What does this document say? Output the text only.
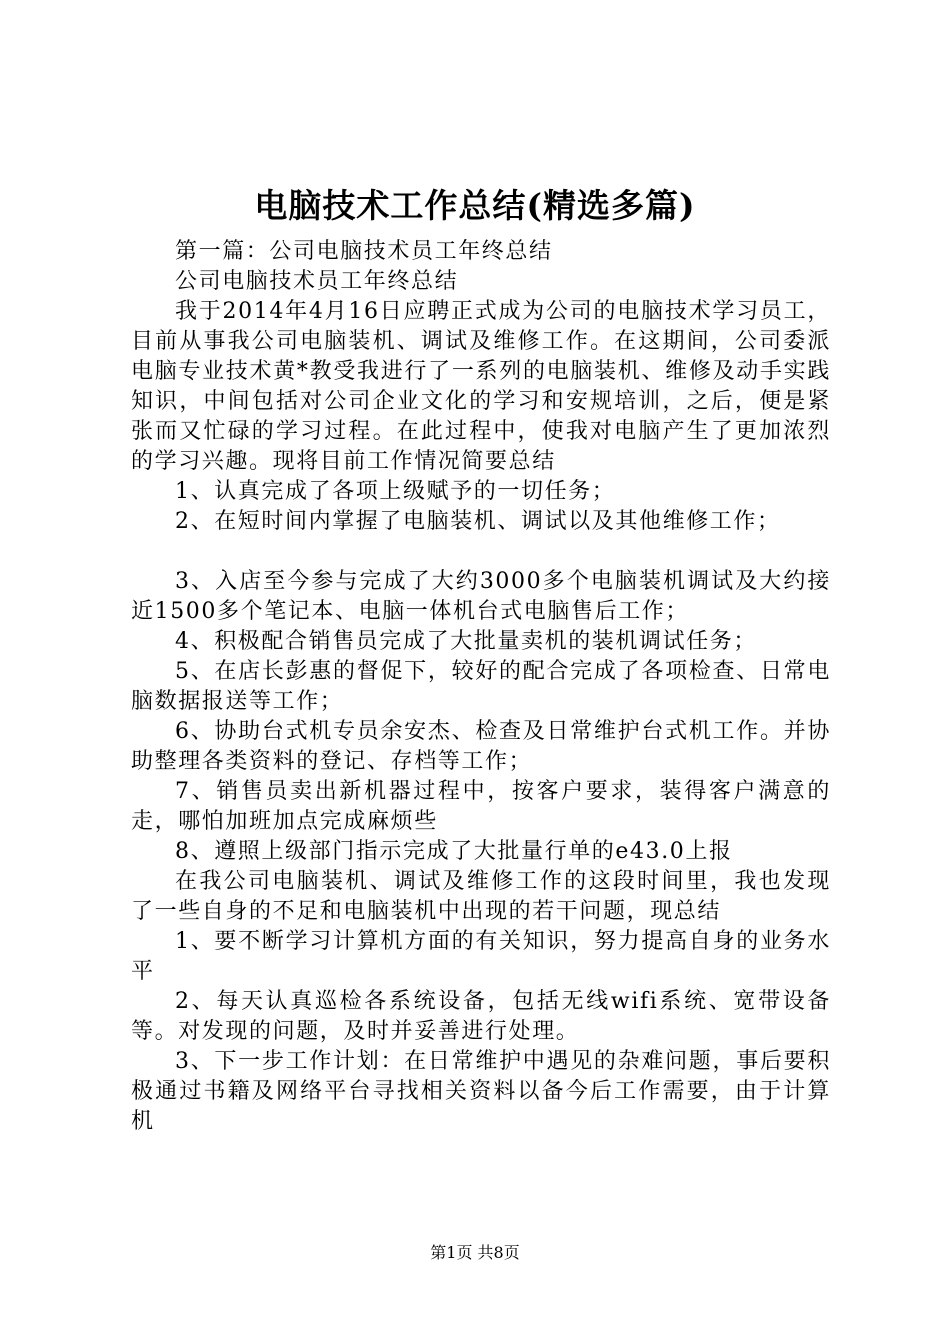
电脑技术工作总结(精选多篇)

第一篇：公司电脑技术员工年终总结

公司电脑技术员工年终总结

我于2014年4月16日应聘正式成为公司的电脑技术学习员工，目前从事我公司电脑装机、调试及维修工作。在这期间，公司委派电脑专业技术黄*教受我进行了一系列的电脑装机、维修及动手实践知识，中间包括对公司企业文化的学习和安规培训，之后，便是紧张而又忙碌的学习过程。在此过程中，使我对电脑产生了更加浓烈的学习兴趣。现将目前工作情况简要总结

1、认真完成了各项上级赋予的一切任务；

2、在短时间内掌握了电脑装机、调试以及其他维修工作；

3、入店至今参与完成了大约3000多个电脑装机调试及大约接近1500多个笔记本、电脑一体机台式电脑售后工作；

4、积极配合销售员完成了大批量卖机的装机调试任务；

5、在店长彭惠的督促下，较好的配合完成了各项检查、日常电脑数据报送等工作；

6、协助台式机专员余安杰、检查及日常维护台式机工作。并协助整理各类资料的登记、存档等工作；

7、销售员卖出新机器过程中，按客户要求，装得客户满意的走，哪怕加班加点完成麻烦些

8、遵照上级部门指示完成了大批量行单的e43.0上报

在我公司电脑装机、调试及维修工作的这段时间里，我也发现了一些自身的不足和电脑装机中出现的若干问题，现总结

1、要不断学习计算机方面的有关知识，努力提高自身的业务水平

2、每天认真巡检各系统设备，包括无线wifi系统、宽带设备等。对发现的问题，及时并妥善进行处理。

3、下一步工作计划：在日常维护中遇见的杂难问题，事后要积极通过书籍及网络平台寻找相关资料以备今后工作需要，由于计算机

第1页 共8页
